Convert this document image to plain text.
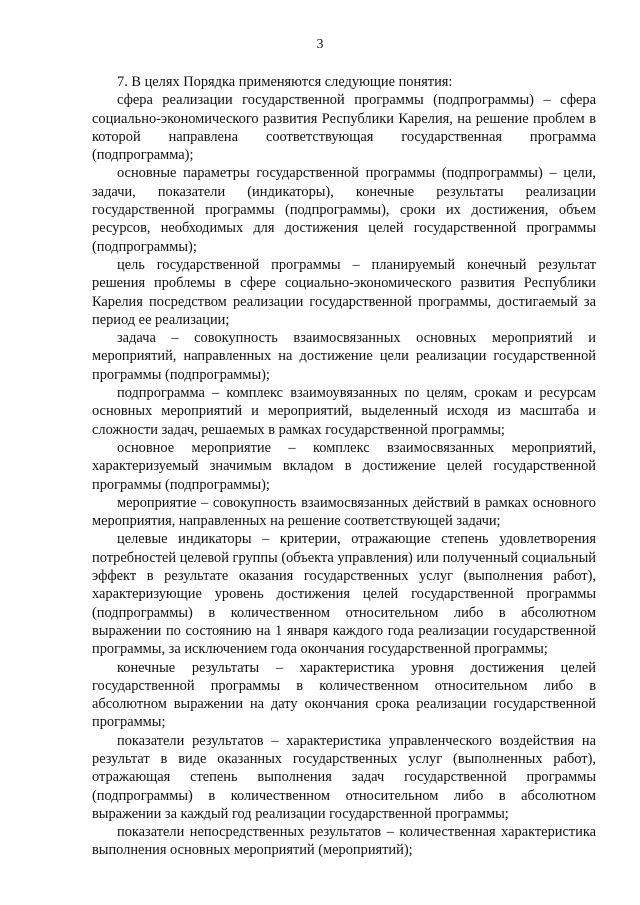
3

7. В целях Порядка применяются следующие понятия:

сфера реализации государственной программы (подпрограммы) – сфера социально-экономического развития Республики Карелия, на решение проблем в которой направлена соответствующая государственная программа (подпрограмма);

основные параметры государственной программы (подпрограммы) – цели, задачи, показатели (индикаторы), конечные результаты реализации государственной программы (подпрограммы), сроки их достижения, объем ресурсов, необходимых для достижения целей государственной программы (подпрограммы);

цель государственной программы – планируемый конечный результат решения проблемы в сфере социально-экономического развития Республики Карелия посредством реализации государственной программы, достигаемый за период ее реализации;

задача – совокупность взаимосвязанных основных мероприятий и мероприятий, направленных на достижение цели реализации государственной программы (подпрограммы);

подпрограмма – комплекс взаимоувязанных по целям, срокам и ресурсам основных мероприятий и мероприятий, выделенный исходя из масштаба и сложности задач, решаемых в рамках государственной программы;

основное мероприятие – комплекс взаимосвязанных мероприятий, характеризуемый значимым вкладом в достижение целей государственной программы (подпрограммы);

мероприятие – совокупность взаимосвязанных действий в рамках основного мероприятия, направленных на решение соответствующей задачи;

целевые индикаторы – критерии, отражающие степень удовлетворения потребностей целевой группы (объекта управления) или полученный социальный эффект в результате оказания государственных услуг (выполнения работ), характеризующие уровень достижения целей государственной программы (подпрограммы) в количественном относительном либо в абсолютном выражении по состоянию на 1 января каждого года реализации государственной программы, за исключением года окончания государственной программы;

конечные результаты – характеристика уровня достижения целей государственной программы в количественном относительном либо в абсолютном выражении на дату окончания срока реализации государственной программы;

показатели результатов – характеристика управленческого воздействия на результат в виде оказанных государственных услуг (выполненных работ), отражающая степень выполнения задач государственной программы (подпрограммы) в количественном относительном либо в абсолютном выражении за каждый год реализации государственной программы;

показатели непосредственных результатов – количественная характеристика выполнения основных мероприятий (мероприятий);
